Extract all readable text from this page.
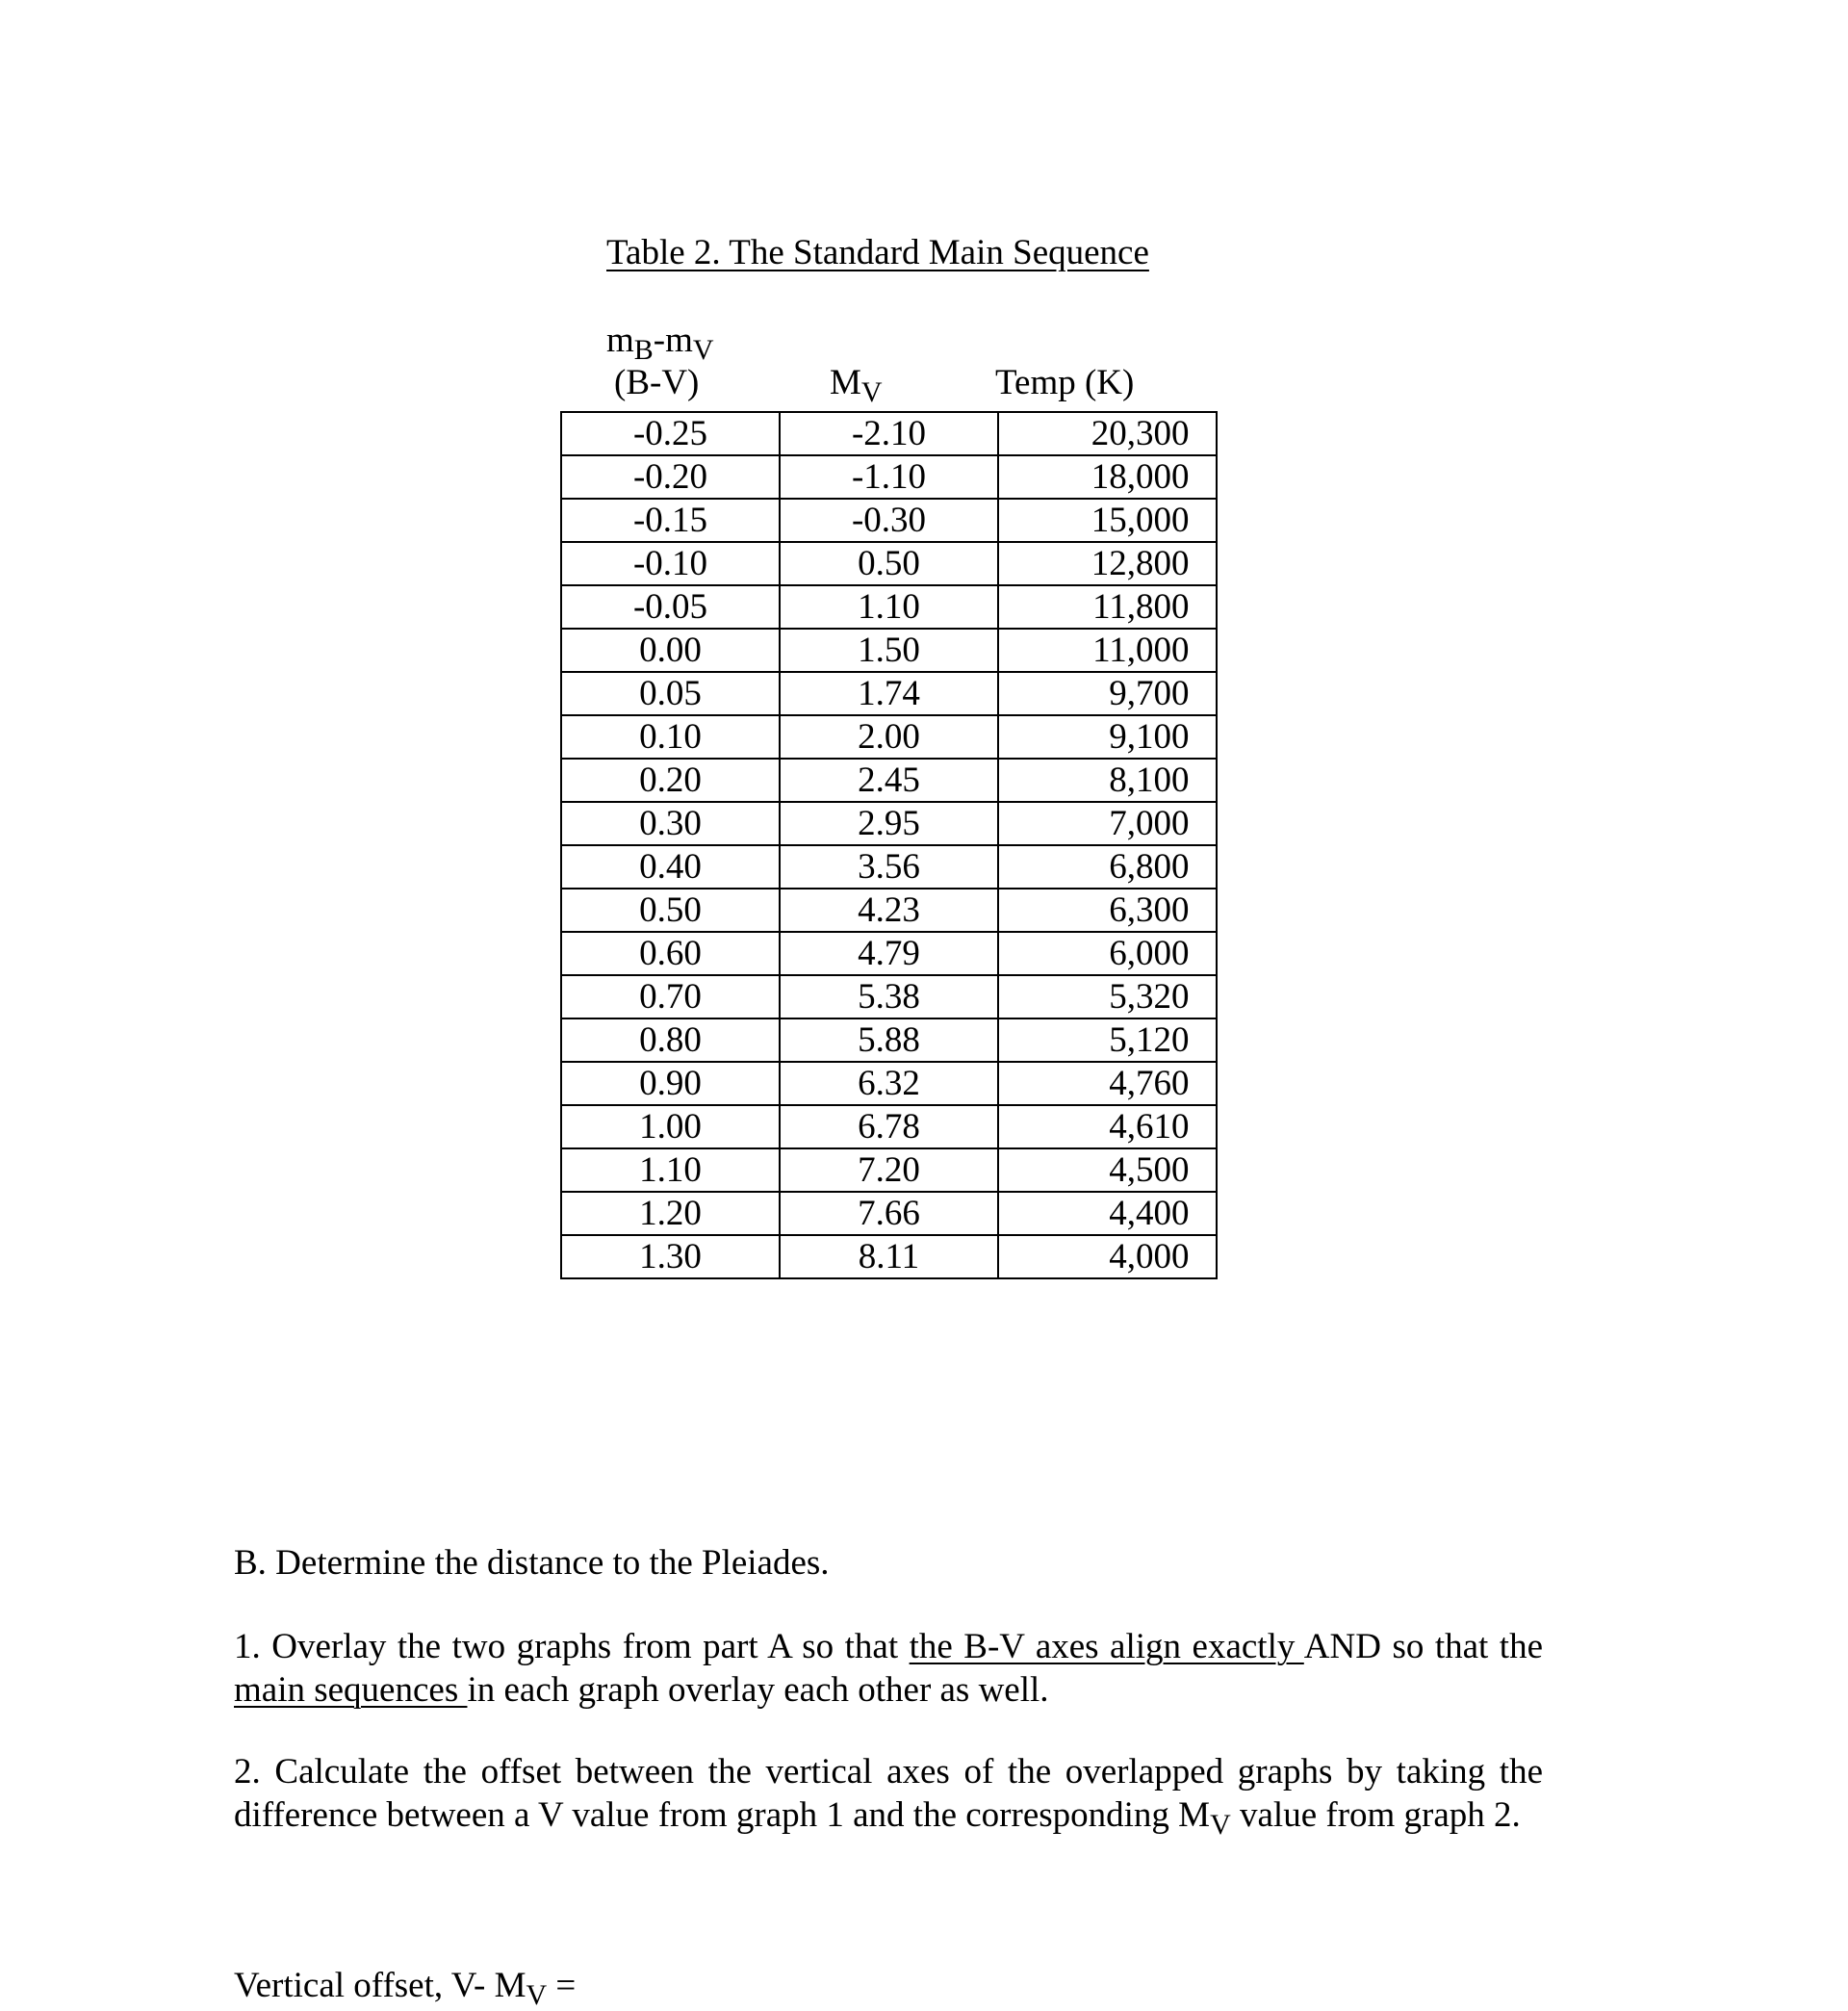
Table 2. The Standard Main Sequence
$m_B-m_V$
(B-V)	$M_V$	Temp (K)
-0.25	-2.10	20,300
-0.20	-1.10	18,000
-0.15	-0.30	15,000
-0.10	0.50	12,800
-0.05	1.10	11,800
0.00	1.50	11,000
0.05	1.74	9,700
0.10	2.00	9,100
0.20	2.45	8,100
0.30	2.95	7,000
0.40	3.56	6,800
0.50	4.23	6,300
0.60	4.79	6,000
0.70	5.38	5,320
0.80	5.88	5,120
0.90	6.32	4,760
1.00	6.78	4,610
1.10	7.20	4,500
1.20	7.66	4,400
1.30	8.11	4,000
B. Determine the distance to the Pleiades.
1. Overlay the two graphs from part A so that the B-V axes align exactly AND so that the main sequences in each graph overlay each other as well.
2. Calculate the offset between the vertical axes of the overlapped graphs by taking the difference between a V value from graph 1 and the corresponding $M_V$ value from graph 2.
Vertical offset, V- $M_V$ =
